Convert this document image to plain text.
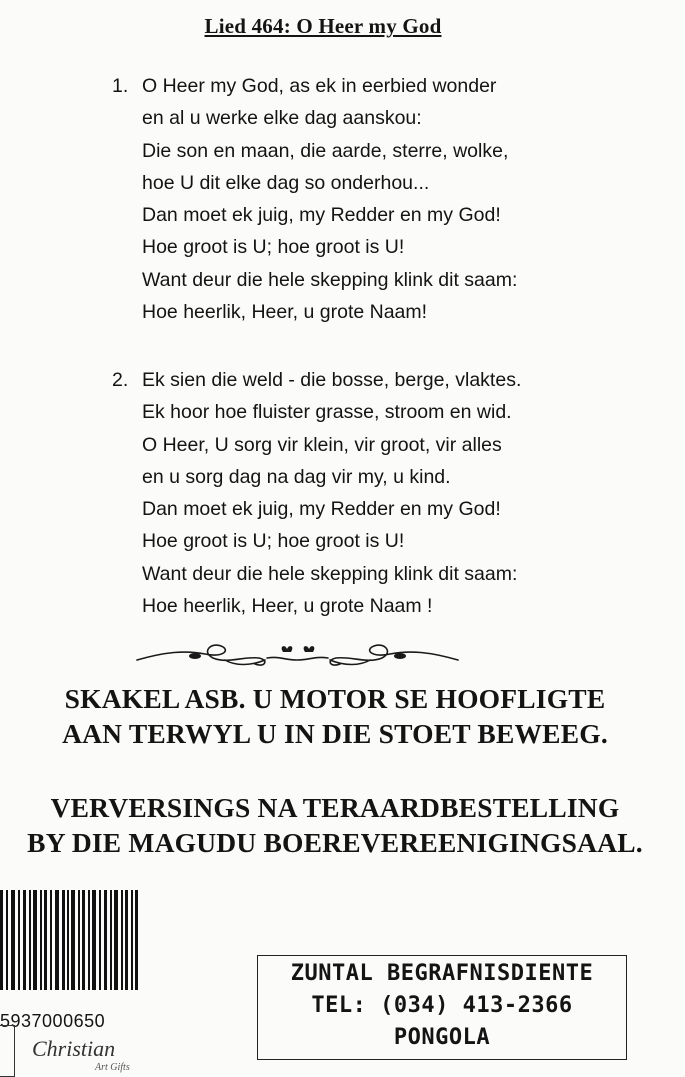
Lied 464: O Heer my God
1. O Heer my God, as ek in eerbied wonder
en al u werke elke dag aanskou:
Die son en maan, die aarde, sterre, wolke,
hoe U dit elke dag so onderhou...
Dan moet ek juig, my Redder en my God!
Hoe groot is U; hoe groot is U!
Want deur die hele skepping klink dit saam:
Hoe heerlik, Heer, u grote Naam!
2. Ek sien die weld - die bosse, berge, vlaktes.
Ek hoor hoe fluister grasse, stroom en wid.
O Heer, U sorg vir klein, vir groot, vir alles
en u sorg dag na dag vir my, u kind.
Dan moet ek juig, my Redder en my God!
Hoe groot is U; hoe groot is U!
Want deur die hele skepping klink dit saam:
Hoe heerlik, Heer, u grote Naam !
SKAKEL ASB. U MOTOR SE HOOFLIGTE
AAN TERWYL U IN DIE STOET BEWEEG.
VERVERSINGS NA TERAARDBESTELLING
BY DIE MAGUDU BOEREVEREENIGINGSAAL.
5937000650
Christian
Art Gifts
ZUNTAL BEGRAFNISDIENTE
TEL: (034) 413-2366
PONGOLA
